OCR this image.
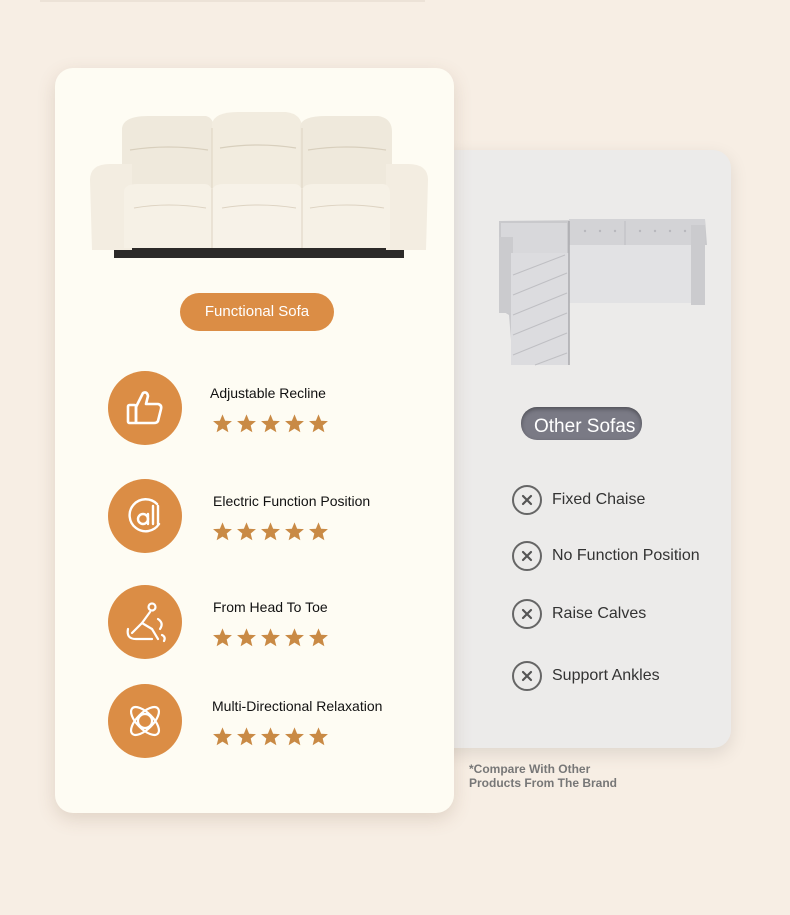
Other Sofas
Fixed Chaise
No Function Position
Raise Calves
Support Ankles
*Compare With Other
Products From The Brand
Functional Sofa
Adjustable Recline
Electric Function Position
From Head To Toe
Multi-Directional Relaxation
